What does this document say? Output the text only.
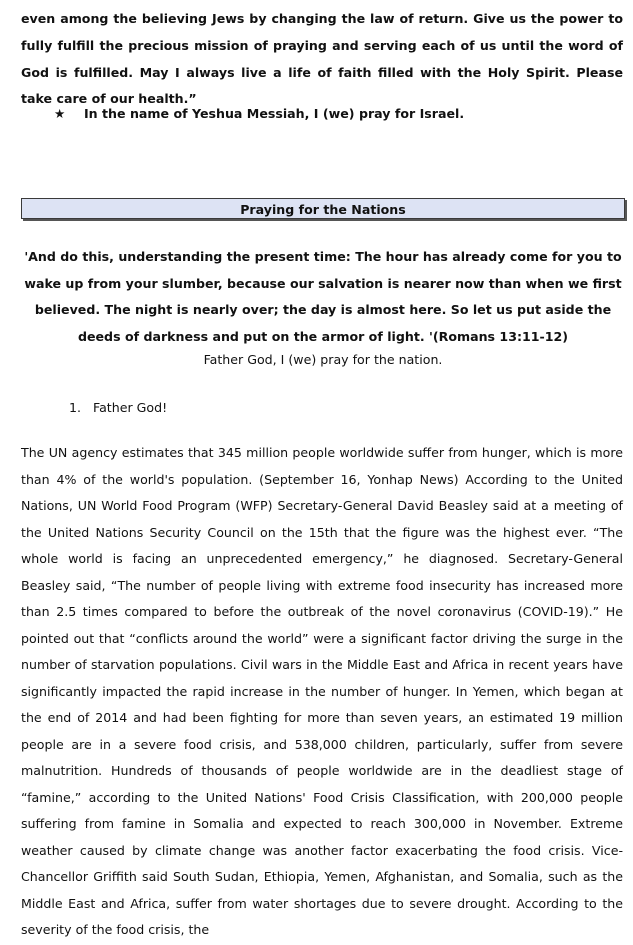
even among the believing Jews by changing the law of return. Give us the power to fully fulfill the precious mission of praying and serving each of us until the word of God is fulfilled. May I always live a life of faith filled with the Holy Spirit. Please take care of our health.”
★ In the name of Yeshua Messiah, I (we) pray for Israel.
Praying for the Nations
'And do this, understanding the present time: The hour has already come for you to wake up from your slumber, because our salvation is nearer now than when we first believed. The night is nearly over; the day is almost here. So let us put aside the deeds of darkness and put on the armor of light. '(Romans 13:11-12)
Father God, I (we) pray for the nation.
1. Father God!
The UN agency estimates that 345 million people worldwide suffer from hunger, which is more than 4% of the world's population. (September 16, Yonhap News) According to the United Nations, UN World Food Program (WFP) Secretary-General David Beasley said at a meeting of the United Nations Security Council on the 15th that the figure was the highest ever. “The whole world is facing an unprecedented emergency,” he diagnosed. Secretary-General Beasley said, “The number of people living with extreme food insecurity has increased more than 2.5 times compared to before the outbreak of the novel coronavirus (COVID-19).” He pointed out that “conflicts around the world” were a significant factor driving the surge in the number of starvation populations. Civil wars in the Middle East and Africa in recent years have significantly impacted the rapid increase in the number of hunger. In Yemen, which began at the end of 2014 and had been fighting for more than seven years, an estimated 19 million people are in a severe food crisis, and 538,000 children, particularly, suffer from severe malnutrition. Hundreds of thousands of people worldwide are in the deadliest stage of “famine,” according to the United Nations' Food Crisis Classification, with 200,000 people suffering from famine in Somalia and expected to reach 300,000 in November. Extreme weather caused by climate change was another factor exacerbating the food crisis. Vice-Chancellor Griffith said South Sudan, Ethiopia, Yemen, Afghanistan, and Somalia, such as the Middle East and Africa, suffer from water shortages due to severe drought. According to the severity of the food crisis, the
